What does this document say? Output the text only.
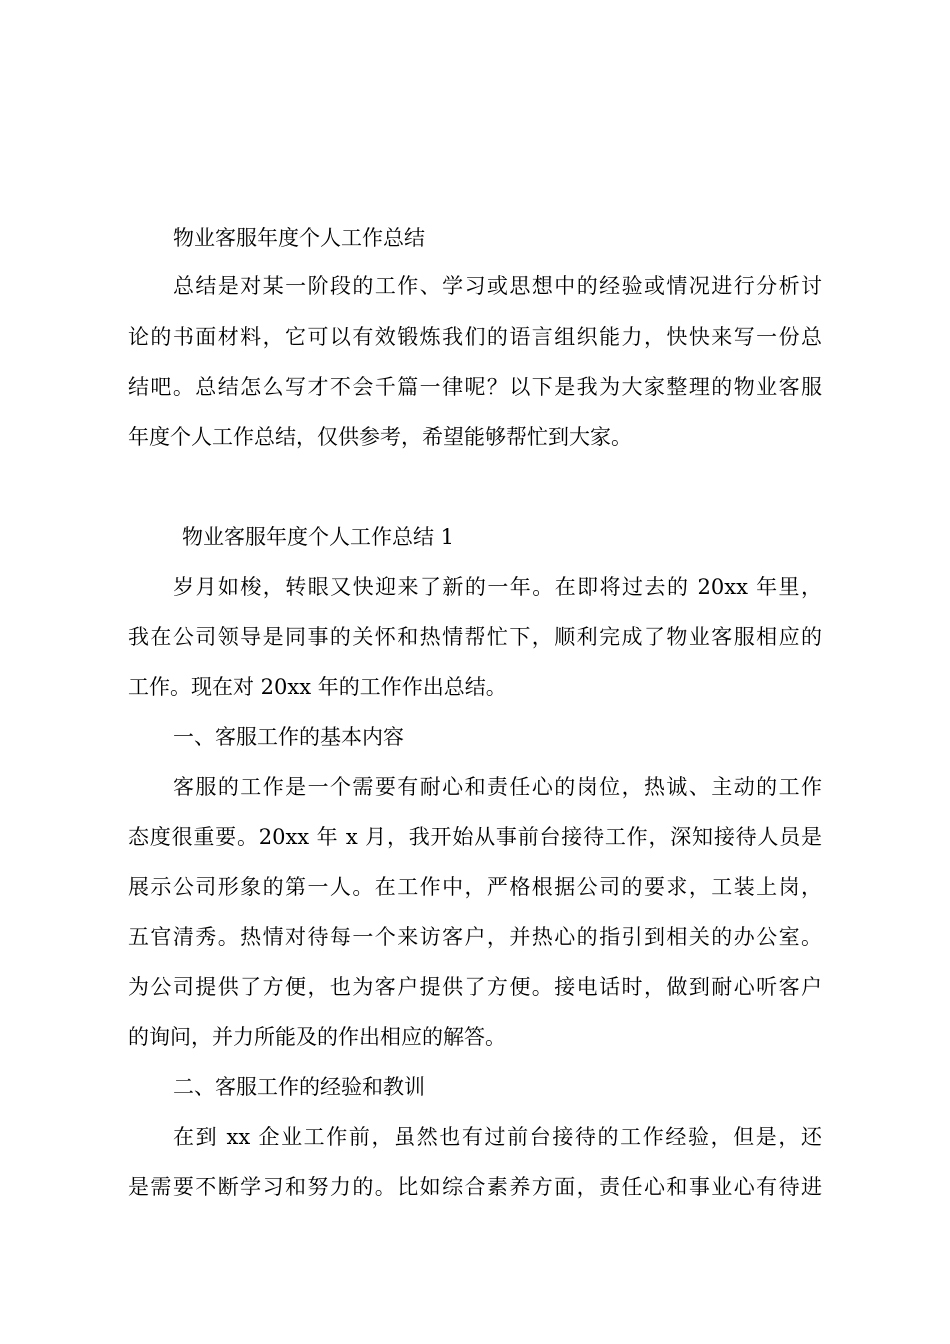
物业客服年度个人工作总结

总结是对某一阶段的工作、学习或思想中的经验或情况进行分析讨

论的书面材料，它可以有效锻炼我们的语言组织能力，快快来写一份总

结吧。总结怎么写才不会千篇一律呢？以下是我为大家整理的物业客服

年度个人工作总结，仅供参考，希望能够帮忙到大家。

物业客服年度个人工作总结 1

岁月如梭，转眼又快迎来了新的一年。在即将过去的 20xx 年里，

我在公司领导是同事的关怀和热情帮忙下，顺利完成了物业客服相应的

工作。现在对 20xx 年的工作作出总结。

一、客服工作的基本内容

客服的工作是一个需要有耐心和责任心的岗位，热诚、主动的工作

态度很重要。20xx 年 x 月，我开始从事前台接待工作，深知接待人员是

展示公司形象的第一人。在工作中，严格根据公司的要求，工装上岗，

五官清秀。热情对待每一个来访客户，并热心的指引到相关的办公室。

为公司提供了方便，也为客户提供了方便。接电话时，做到耐心听客户

的询问，并力所能及的作出相应的解答。

二、客服工作的经验和教训

在到 xx 企业工作前，虽然也有过前台接待的工作经验，但是，还

是需要不断学习和努力的。比如综合素养方面，责任心和事业心有待进
